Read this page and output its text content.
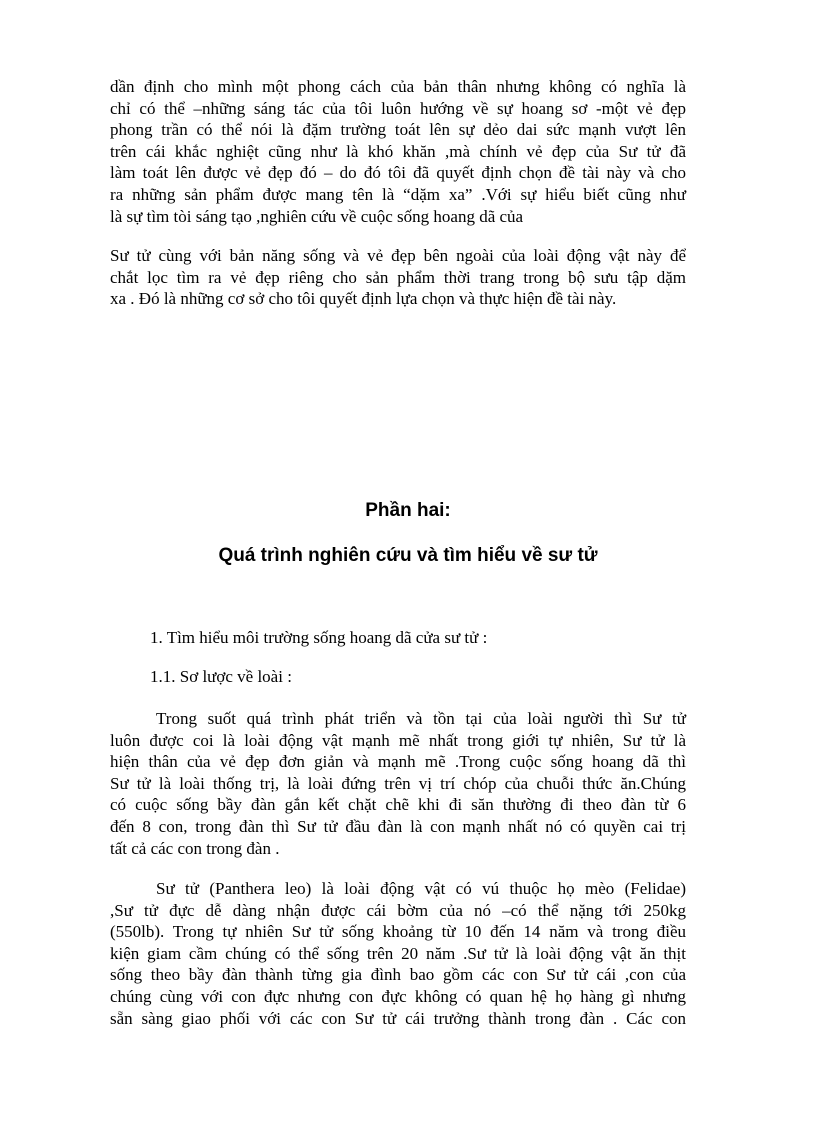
dần định cho mình một phong cách của bản thân nhưng không có nghĩa là
chỉ có thể –những sáng tác của tôi luôn hướng về sự hoang sơ -một vẻ đẹp
phong trần có thể nói là đặm trường toát lên sự dẻo dai sức mạnh vượt lên
trên cái khắc nghiệt cũng như là khó khăn ,mà chính vẻ đẹp của Sư tử đã
làm toát lên được vẻ đẹp đó – do đó tôi đã quyết định chọn đề tài này và cho
ra những sản phẩm được mang tên là “dặm xa” .Với sự hiểu biết cũng như
là sự tìm tòi sáng tạo ,nghiên cứu về cuộc sống hoang dã của
Sư tử cùng với bản năng sống và vẻ đẹp bên ngoài của loài động vật này để
chắt lọc tìm ra vẻ đẹp riêng cho sản phẩm thời trang trong bộ sưu tập dặm
xa . Đó là những cơ sở cho tôi quyết định lựa chọn và thực hiện đề tài này.
Phần hai:
Quá trình nghiên cứu và tìm hiểu về sư tử

1. Tìm hiểu môi trường sống hoang dã cửa sư tử :

1.1. Sơ lược về loài :

Trong suốt quá trình phát triển và tồn tại của loài người thì Sư tử
luôn được coi là loài động vật mạnh mẽ nhất trong giới tự nhiên, Sư tử là
hiện thân của vẻ đẹp đơn giản và mạnh mẽ .Trong cuộc sống hoang dã thì
Sư tử là loài thống trị, là loài đứng trên vị trí chóp của chuỗi thức ăn.Chúng
có cuộc sống bầy đàn gắn kết chặt chẽ khi đi săn thường đi theo đàn từ 6
đến 8 con, trong đàn thì Sư tử đầu đàn là con mạnh nhất nó có quyền cai trị
tất cả các con trong đàn .
Sư tử (Panthera leo) là loài động vật có vú thuộc họ mèo (Felidae)
,Sư tử đực dễ dàng nhận được cái bờm của nó –có thể nặng tới 250kg
(550lb). Trong tự nhiên Sư tử sống khoảng từ 10 đến 14 năm và trong điều
kiện giam cầm chúng có thể sống trên 20 năm .Sư tử là loài động vật ăn thịt
sống theo bầy đàn thành từng gia đình bao gồm các con Sư tử cái ,con của
chúng cùng với con đực nhưng con đực không có quan hệ họ hàng gì nhưng
sẵn sàng giao phối với các con Sư tử cái trưởng thành trong đàn . Các con
